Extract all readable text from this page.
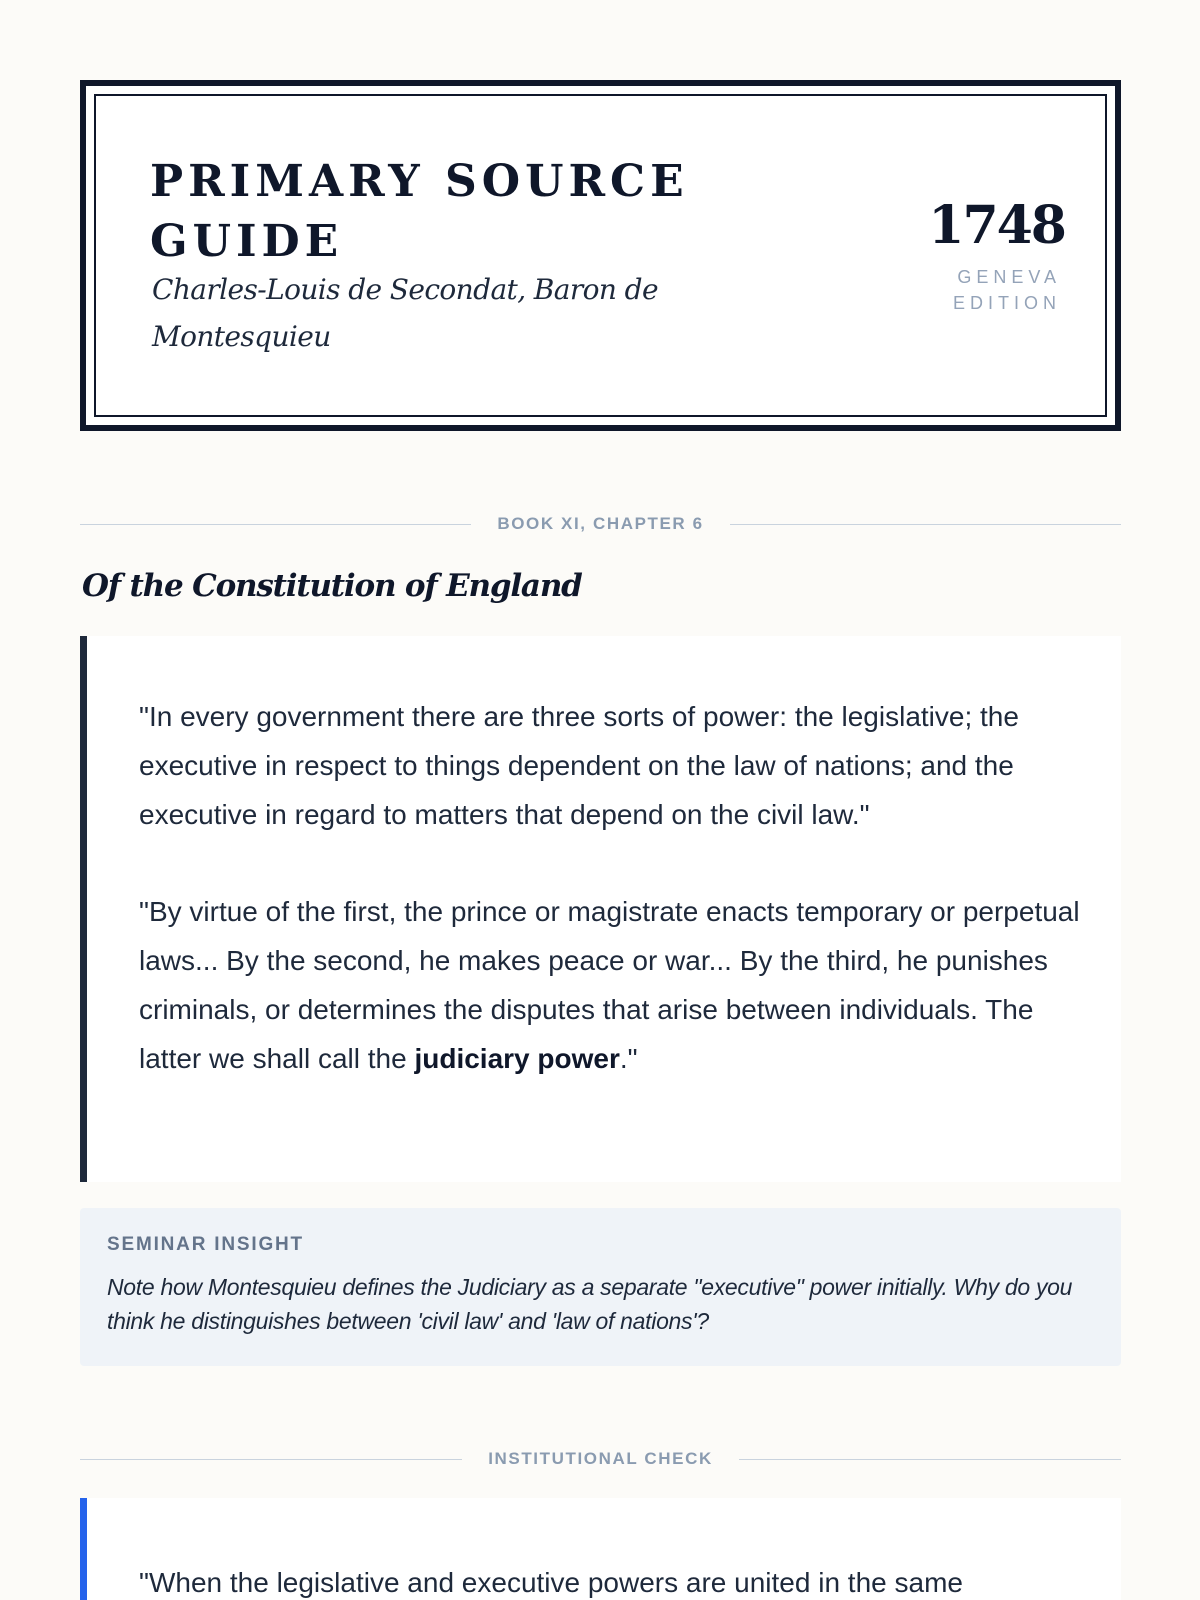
PRIMARY SOURCE GUIDE
Charles-Louis de Secondat, Baron de Montesquieu
1748
GENEVA EDITION
BOOK XI, CHAPTER 6
Of the Constitution of England

"In every government there are three sorts of power: the legislative; the executive in respect to things dependent on the law of nations; and the executive in regard to matters that depend on the civil law."

"By virtue of the first, the prince or magistrate enacts temporary or perpetual laws... By the second, he makes peace or war... By the third, he punishes criminals, or determines the disputes that arise between individuals. The latter we shall call the judiciary power."

SEMINAR INSIGHT

Note how Montesquieu defines the Judiciary as a separate "executive" power initially. Why do you think he distinguishes between 'civil law' and 'law of nations'?

INSTITUTIONAL CHECK

"When the legislative and executive powers are united in the same
